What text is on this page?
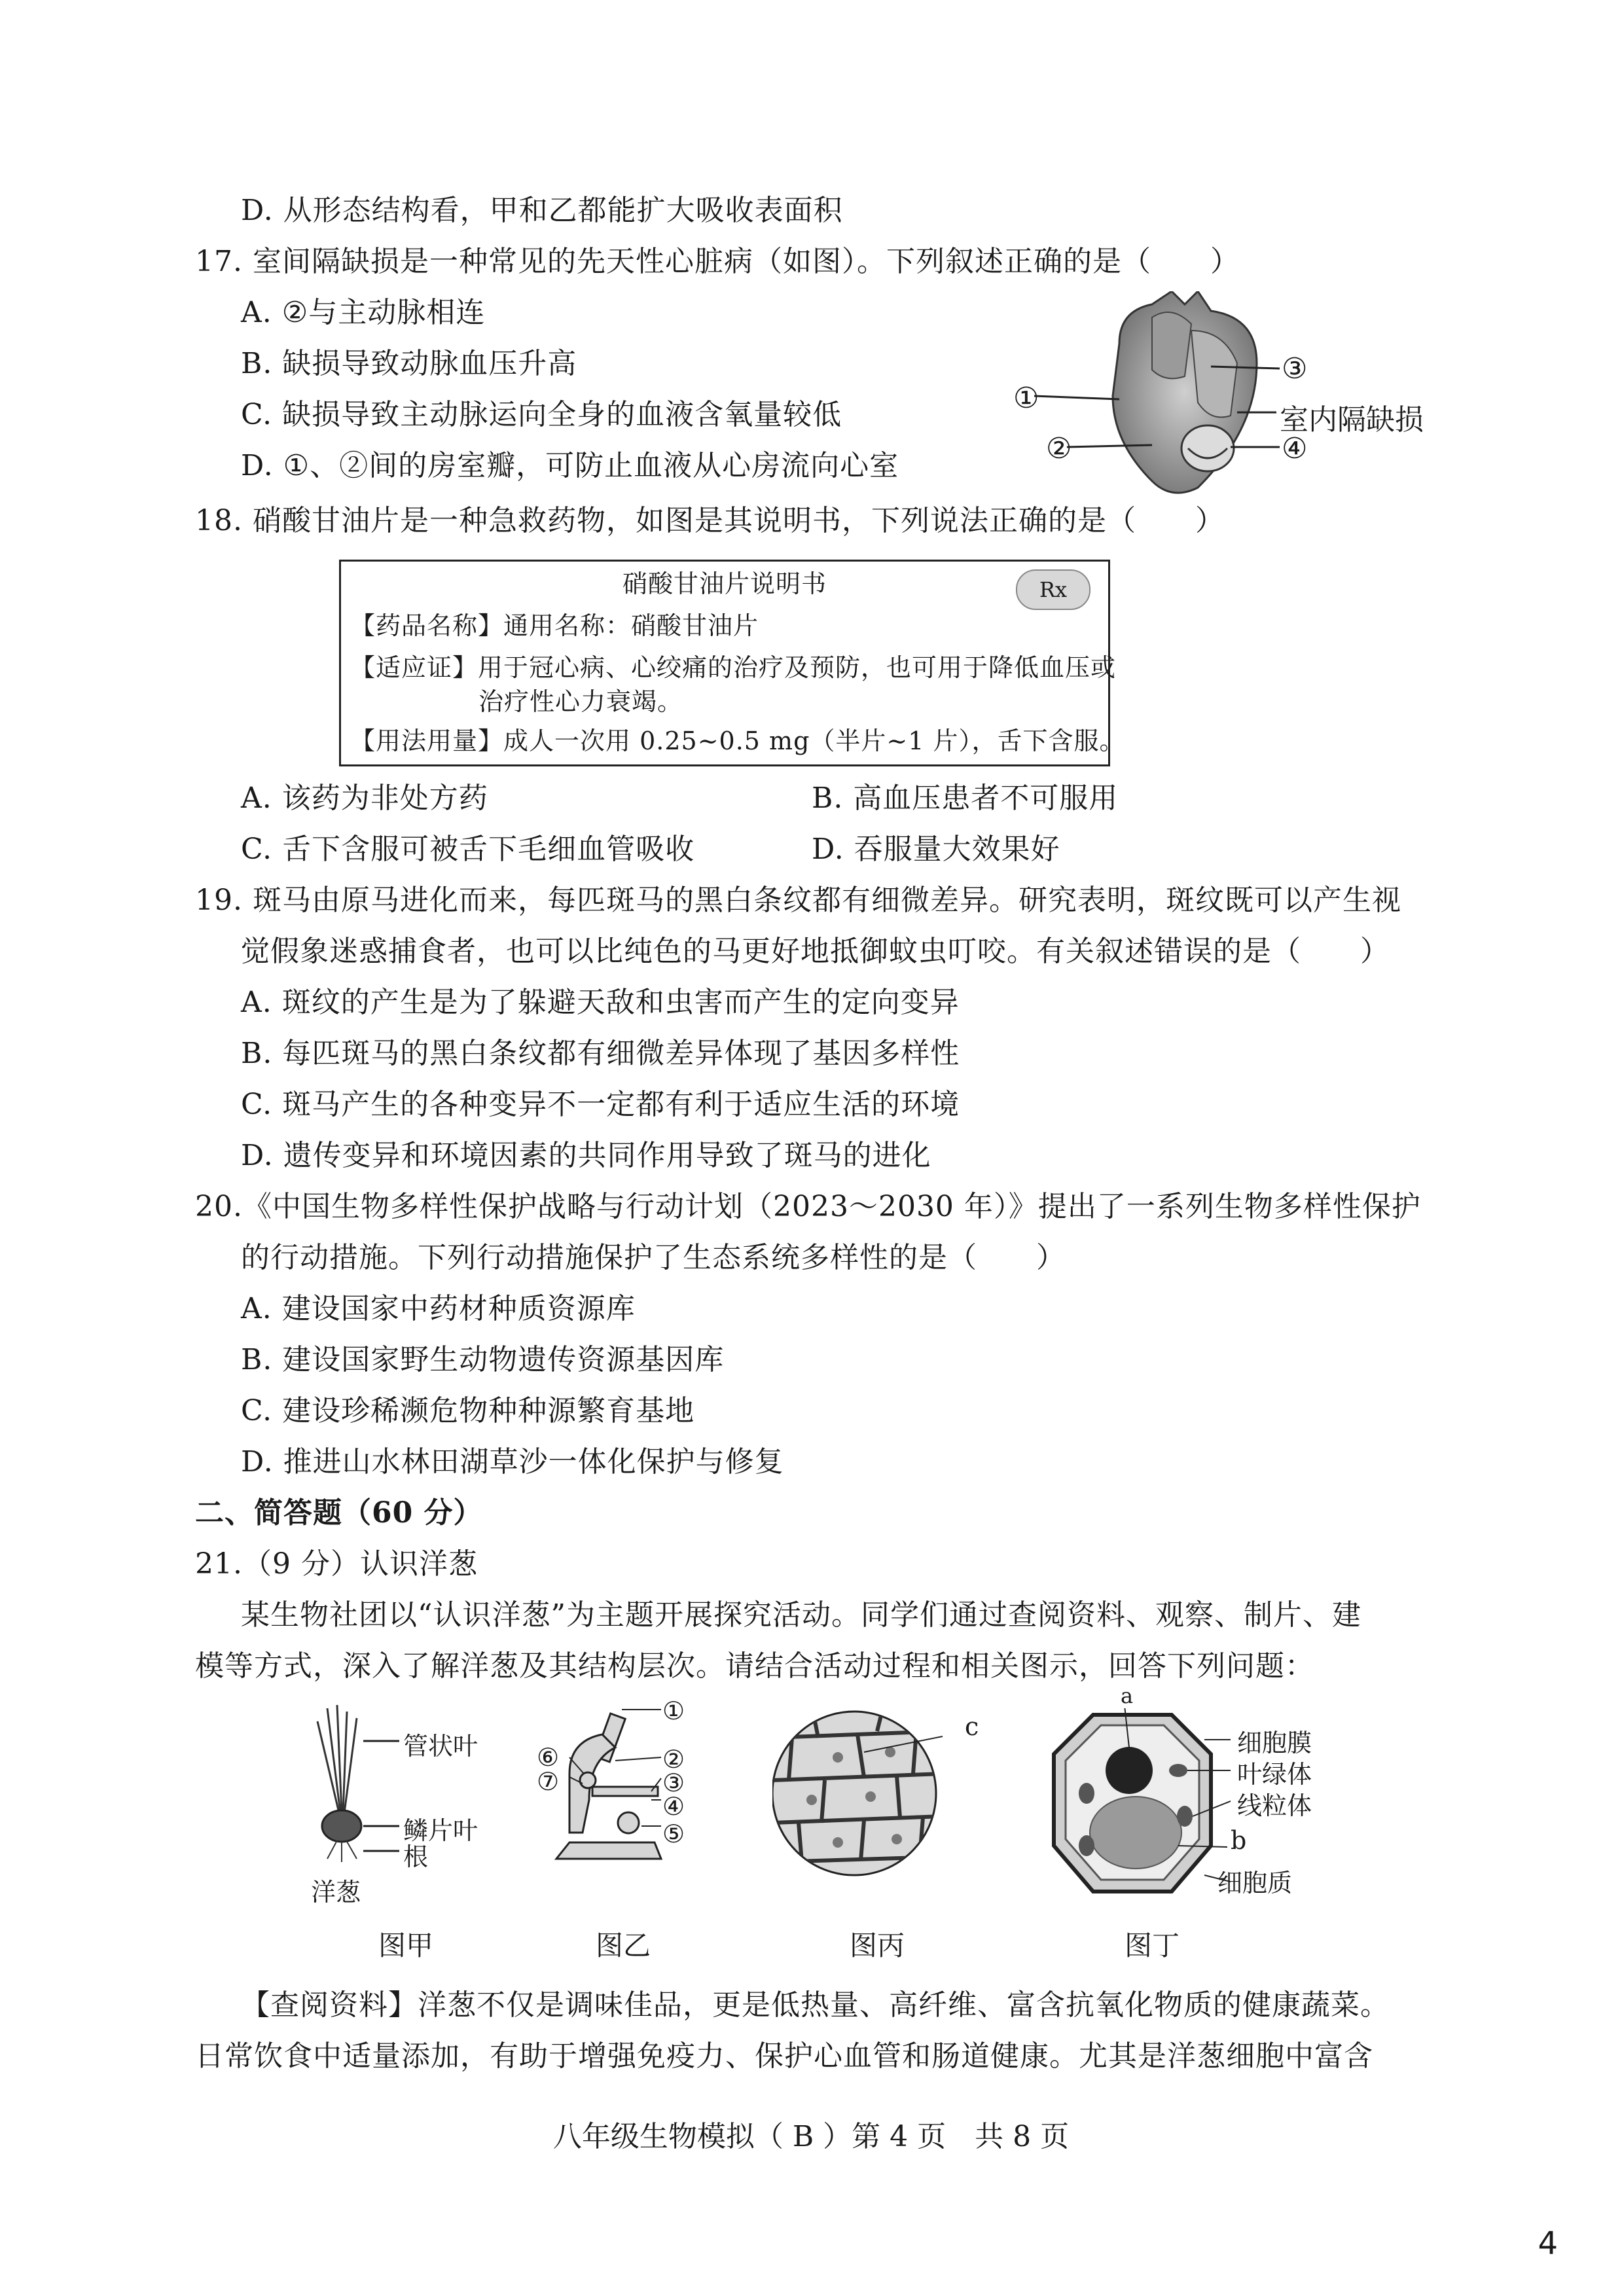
D. 从形态结构看，甲和乙都能扩大吸收表面积
17. 室间隔缺损是一种常见的先天性心脏病（如图）。下列叙述正确的是（　　）
A. ②与主动脉相连
B. 缺损导致动脉血压升高
C. 缺损导致主动脉运向全身的血液含氧量较低
D. ①、②间的房室瓣，可防止血液从心房流向心室
①
②
③
④
室内隔缺损
18. 硝酸甘油片是一种急救药物，如图是其说明书，下列说法正确的是（　　）
硝酸甘油片说明书
【药品名称】通用名称：硝酸甘油片
【适应证】用于冠心病、心绞痛的治疗及预防，也可用于降低血压或
治疗性心力衰竭。
【用法用量】成人一次用 0.25~0.5 mg（半片~1 片），舌下含服。
Rx
A. 该药为非处方药	B. 高血压患者不可服用
C. 舌下含服可被舌下毛细血管吸收	D. 吞服量大效果好
19. 斑马由原马进化而来，每匹斑马的黑白条纹都有细微差异。研究表明，斑纹既可以产生视
觉假象迷惑捕食者，也可以比纯色的马更好地抵御蚊虫叮咬。有关叙述错误的是（　　）
A. 斑纹的产生是为了躲避天敌和虫害而产生的定向变异
B. 每匹斑马的黑白条纹都有细微差异体现了基因多样性
C. 斑马产生的各种变异不一定都有利于适应生活的环境
D. 遗传变异和环境因素的共同作用导致了斑马的进化
20.《中国生物多样性保护战略与行动计划（2023～2030 年）》提出了一系列生物多样性保护
的行动措施。下列行动措施保护了生态系统多样性的是（　　）
A. 建设国家中药材种质资源库
B. 建设国家野生动物遗传资源基因库
C. 建设珍稀濒危物种种源繁育基地
D. 推进山水林田湖草沙一体化保护与修复
二、简答题（60 分）
21.（9 分）认识洋葱
某生物社团以“认识洋葱”为主题开展探究活动。同学们通过查阅资料、观察、制片、建
模等方式，深入了解洋葱及其结构层次。请结合活动过程和相关图示，回答下列问题：
管状叶
鳞片叶
根
洋葱
图甲
①
②
③
④
⑤
⑥
⑦
图乙
c
图丙
a
细胞膜
叶绿体
线粒体
b
细胞质
图丁
【查阅资料】洋葱不仅是调味佳品，更是低热量、高纤维、富含抗氧化物质的健康蔬菜。
日常饮食中适量添加，有助于增强免疫力、保护心血管和肠道健康。尤其是洋葱细胞中富含
八年级生物模拟（ B ）第 4 页　共 8 页
4
